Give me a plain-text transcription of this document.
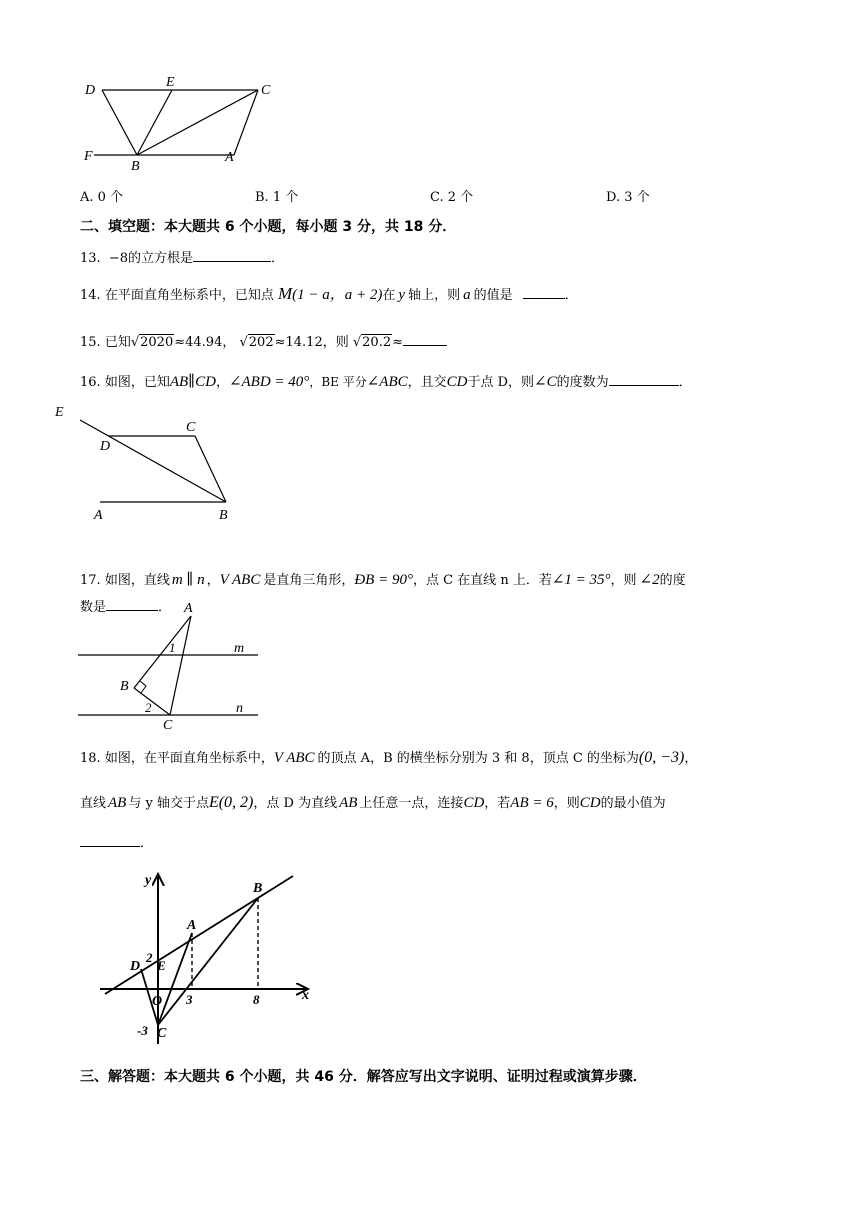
D
E
C
F
B
A
A. 0 个	B. 1 个	C. 2 个	D. 3 个
二、填空题：本大题共 6 个小题，每小题 3 分，共 18 分．
13. −8的立方根是	．
14. 在平面直角坐标系中，已知点 M(1 − a，a + 2)在 y 轴上，则 a 的值是	．
15. 已知√2020≈44.94， √202≈14.12，则 √20.2≈
16. 如图，已知AB∥CD，∠ABD = 40°，BE 平分∠ABC，且交CD于点 D，则∠C的度数为	．
E
C
D
A	B
17. 如图，直线 m ∥ n ，V ABC 是直角三角形，ÐB = 90°，点 C 在直线 n 上．若∠1 = 35°，则 ∠2的度
数是	． A
1	m
B
2	n
C
18. 如图，在平面直角坐标系中，V ABC 的顶点 A，B 的横坐标分别为 3 和 8，顶点 C 的坐标为(0, −3)，
直线 AB 与 y 轴交于点E(0, 2)，点 D 为直线 AB 上任意一点，连接CD，若AB = 6，则CD的最小值为
．
y
B
A
D
2
E
O 3	8	x
-3 C
三、解答题：本大题共 6 个小题，共 46 分．解答应写出文字说明、证明过程或演算步骤．
